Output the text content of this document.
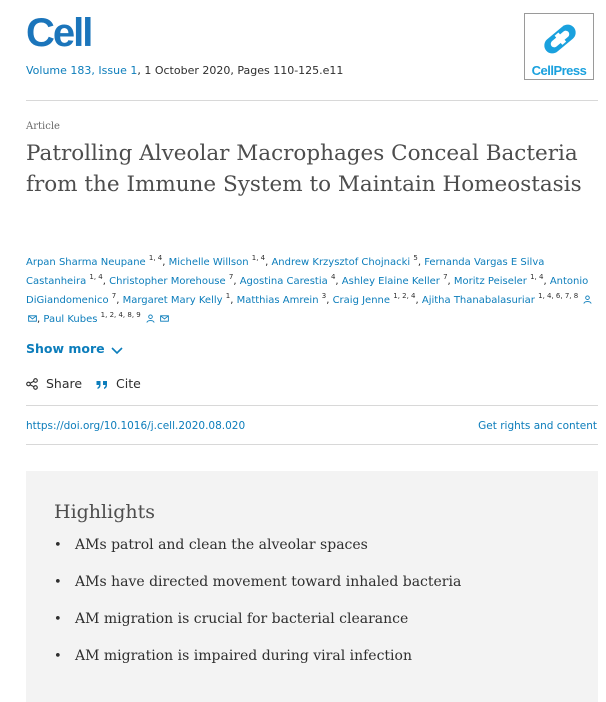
Cell
Volume 183, Issue 1, 1 October 2020, Pages 110-125.e11	CellPress
Article
Patrolling Alveolar Macrophages Conceal Bacteria from the Immune System to Maintain Homeostasis
Arpan Sharma Neupane $^{1, 4}$, Michelle Willson $^{1, 4}$, Andrew Krzysztof Chojnacki $^5$, Fernanda Vargas E Silva Castanheira $^{1, 4}$, Christopher Morehouse $^7$, Agostina Carestia $^4$, Ashley Elaine Keller $^7$, Moritz Peiseler $^{1, 4}$, Antonio DiGiandomenico $^7$, Margaret Mary Kelly $^1$, Matthias Amrein $^3$, Craig Jenne $^{1, 2, 4}$, Ajitha Thanabalasuriar $^{1, 4, 6, 7, 8}$  , Paul Kubes $^{1, 2, 4, 8, 9}$
Show more
Share	Cite
https://doi.org/10.1016/j.cell.2020.08.020	Get rights and content
Highlights
• AMs patrol and clean the alveolar spaces
• AMs have directed movement toward inhaled bacteria
• AM migration is crucial for bacterial clearance
• AM migration is impaired during viral infection
